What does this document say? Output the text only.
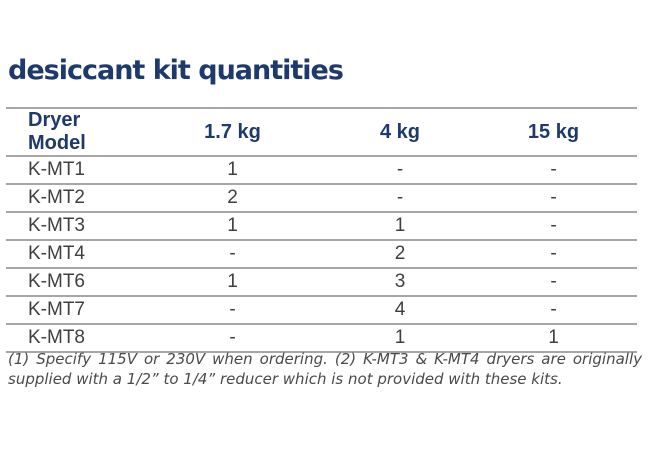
desiccant kit quantities
Dryer Model	1.7 kg	4 kg	15 kg
K-MT1	1	-	-
K-MT2	2	-	-
K-MT3	1	1	-
K-MT4	-	2	-
K-MT6	1	3	-
K-MT7	-	4	-
K-MT8	-	1	1
(1) Specify 115V or 230V when ordering. (2) K-MT3 & K-MT4 dryers are originally supplied with a 1/2” to 1/4” reducer which is not provided with these kits.
